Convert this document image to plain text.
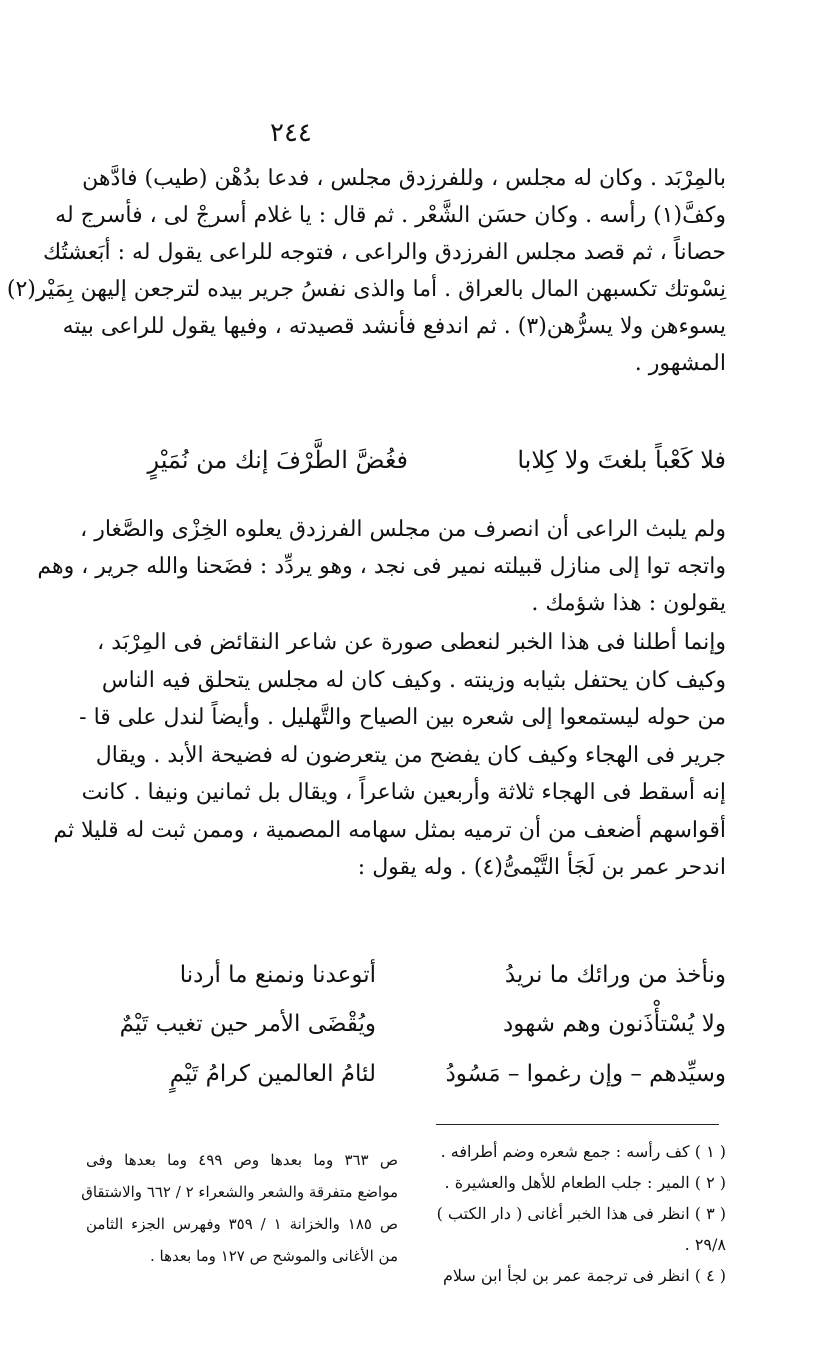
٢٤٤
بالمِرْبَد . وكان له مجلس ، وللفرزدق مجلس ، فدعا بدُهْن (طيب) فادَّهن
وكفَّ(١) رأسه . وكان حسَن الشَّعْر . ثم قال : يا غلام أسرجْ لى ، فأسرج له
حصاناً ، ثم قصد مجلس الفرزدق والراعى ، فتوجه للراعى يقول له : أبَعشتُك
نِسْوتك تكسبهن المال بالعراق . أما والذى نفسُ جرير بيده لترجعن إليهن بِمَيْر(٢)
يسوءهن ولا يسرُّهن(٣) . ثم اندفع فأنشد قصيدته ، وفيها يقول للراعى بيته
المشهور .
فغُضَّ الطَّرْفَ إنك من نُمَيْرٍ	فلا كَعْباً بلغتَ ولا كِلابا
ولم يلبث الراعى أن انصرف من مجلس الفرزدق يعلوه الخِزْى والصَّغار ،
واتجه توا إلى منازل قبيلته نمير فى نجد ، وهو يردِّد : فضَحنا والله جرير ، وهم
يقولون : هذا شؤمك .
وإنما أطلنا فى هذا الخبر لنعطى صورة عن شاعر النقائض فى المِرْبَد ،
وكيف كان يحتفل بثيابه وزينته . وكيف كان له مجلس يتحلق فيه الناس
من حوله ليستمعوا إلى شعره بين الصياح والتَّهليل . وأيضاً لندل على قا -
جرير فى الهجاء وكيف كان يفضح من يتعرضون له فضيحة الأبد . ويقال
إنه أسقط فى الهجاء ثلاثة وأربعين شاعراً ، ويقال بل ثمانين ونيفا . كانت
أقواسهم أضعف من أن ترميه بمثل سهامه المصمية ، وممن ثبت له قليلا ثم
اندحر عمر بن لَجَأ التَّيْمىُّ(٤) . وله يقول :
أتوعدنا ونمنع ما أردنا	ونأخذ من ورائك ما نريدُ
ويُقْضَى الأمر حين تغيب تَيْمٌ	ولا يُسْتأْذَنون وهم شهود
لئامُ العالمين كرامُ تَيْمٍ	وسيِّدهم – وإن رغموا – مَسُودُ
( ١ ) كف رأسه : جمع شعره وضم أطرافه .
( ٢ ) المير : جلب الطعام للأهل والعشيرة .
( ٣ ) انظر فى هذا الخبر أغانى ( دار الكتب )
٢٩/٨ .
( ٤ ) انظر فى ترجمة عمر بن لجأ ابن سلام
ص ٣٦٣ وما بعدها وص ٤٩٩ وما بعدها وفى
مواضع متفرقة والشعر والشعراء ٢ / ٦٦٢ والاشتقاق
ص ١٨٥ والخزانة ١ / ٣٥٩ وفهرس الجزء الثامن
من الأغانى والموشح ص ١٢٧ وما بعدها .
